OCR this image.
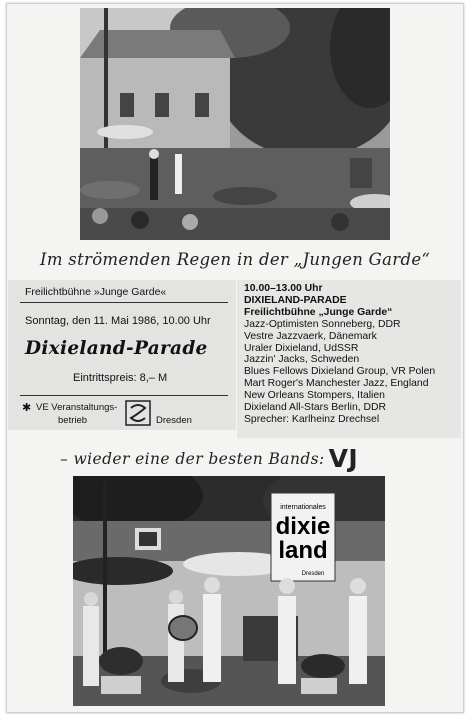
Im strömenden Regen in der „Jungen Garde“
Freilichtbühne »Junge Garde«
Sonntag, den 11. Mai 1986, 10.00 Uhr
Dixieland-Parade
Eintrittspreis: 8,– M
✱ VE Veranstaltungs-
betrieb	Dresden
10.00–13.00 Uhr
DIXIELAND-PARADE
Freilichtbühne „Junge Garde“
Jazz-Optimisten Sonneberg, DDR
Vestre Jazzvaerk, Dänemark
Uraler Dixieland, UdSSR
Jazzin' Jacks, Schweden
Blues Fellows Dixieland Group, VR Polen
Mart Roger's Manchester Jazz, England
New Orleans Stompers, Italien
Dixieland All-Stars Berlin, DDR
Sprecher: Karlheinz Drechsel
– wieder eine der besten Bands: VJ
internationales
dixie
land
Dresden
